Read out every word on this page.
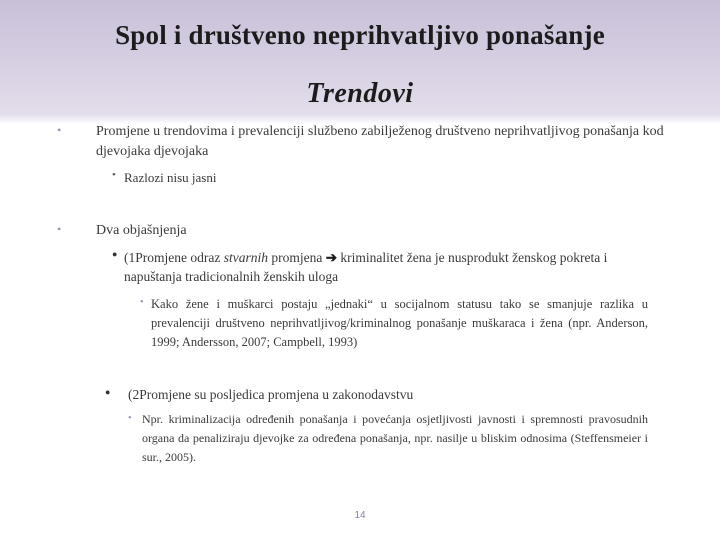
Spol i društveno neprihvatljivo ponašanje
Trendovi
• Promjene u trendovima i prevalenciji službeno zabilježenog društveno neprihvatljivog ponašanja kod djevojaka djevojaka

• Razlozi nisu jasni

• Dva objašnjenja

● (1Promjene odraz stvarnih promjena ➔ kriminalitet žena je nusprodukt ženskog pokreta i napuštanja tradicionalnih ženskih uloga

• Kako žene i muškarci postaju „jednaki“ u socijalnom statusu tako se smanjuje razlika u prevalenciji društveno neprihvatljivog/kriminalnog ponašanje muškaraca i žena (npr. Anderson, 1999; Andersson, 2007; Campbell, 1993)

● (2Promjene su posljedica promjena u zakonodavstvu

• Npr. kriminalizacija određenih ponašanja i povećanja osjetljivosti javnosti i spremnosti pravosudnih organa da penaliziraju djevojke za određena ponašanja, npr. nasilje u bliskim odnosima (Steffensmeier i sur., 2005).

14
